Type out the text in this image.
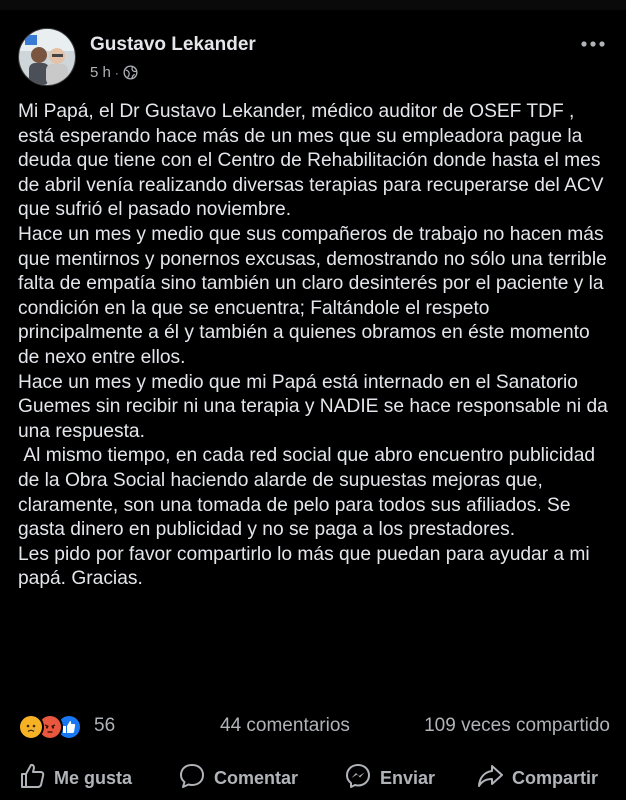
Gustavo Lekander
5 h ·
Mi Papá, el Dr Gustavo Lekander, médico auditor de OSEF TDF , está esperando hace más de un mes que su empleadora pague la deuda que tiene con el Centro de Rehabilitación donde hasta el mes de abril venía realizando diversas terapias para recuperarse del ACV que sufrió el pasado noviembre.
Hace un mes y medio que sus compañeros de trabajo no hacen más que mentirnos y ponernos excusas, demostrando no sólo una terrible falta de empatía sino también un claro desinterés por el paciente y la condición en la que se encuentra; Faltándole el respeto principalmente a él y también a quienes obramos en éste momento de nexo entre ellos.
Hace un mes y medio que mi Papá está internado en el Sanatorio Guemes sin recibir ni una terapia y NADIE se hace responsable ni da una respuesta.
Al mismo tiempo, en cada red social que abro encuentro publicidad de la Obra Social haciendo alarde de supuestas mejoras que, claramente, son una tomada de pelo para todos sus afiliados. Se gasta dinero en publicidad y no se paga a los prestadores.
Les pido por favor compartirlo lo más que puedan para ayudar a mi papá. Gracias.
56	44 comentarios	109 veces compartido
Me gusta	Comentar	Enviar	Compartir
